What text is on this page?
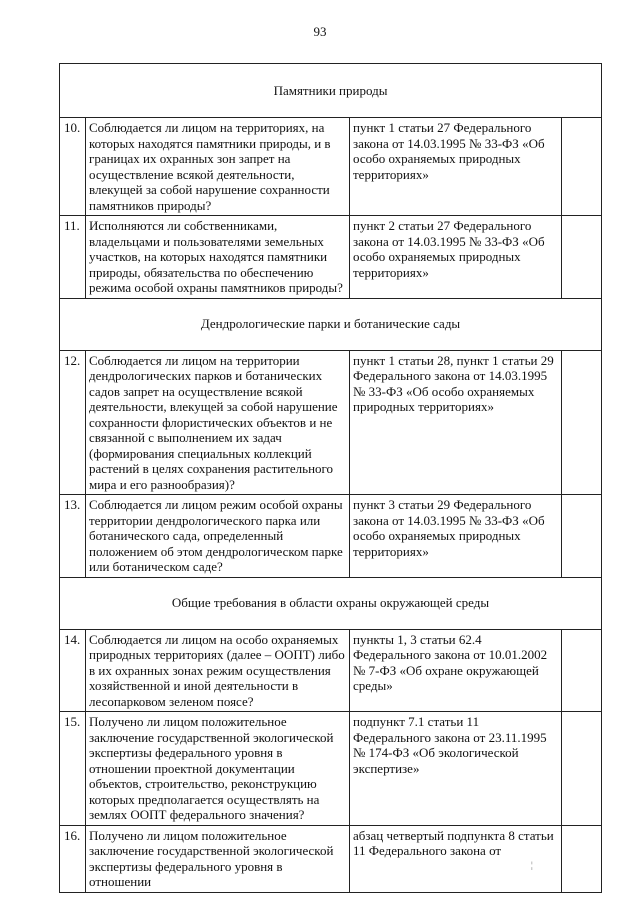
93
Памятники природы			
10.	Соблюдается ли лицом на территориях, на которых находятся памятники природы, и в границах их охранных зон запрет на осуществление всякой деятельности, влекущей за собой нарушение сохранности памятников природы?	пункт 1 статьи 27 Федерального закона от 14.03.1995 № 33-ФЗ «Об особо охраняемых природных территориях»	
11.	Исполняются ли собственниками, владельцами и пользователями земельных участков, на которых находятся памятники природы, обязательства по обеспечению режима особой охраны памятников природы?	пункт 2 статьи 27 Федерального закона от 14.03.1995 № 33-ФЗ «Об особо охраняемых природных территориях»	
Дендрологические парки и ботанические сады			
12.	Соблюдается ли лицом на территории дендрологических парков и ботанических садов запрет на осуществление всякой деятельности, влекущей за собой нарушение сохранности флористических объектов и не связанной с выполнением их задач (формирования специальных коллекций растений в целях сохранения растительного мира и его разнообразия)?	пункт 1 статьи 28, пункт 1 статьи 29 Федерального закона от 14.03.1995 № 33-ФЗ «Об особо охраняемых природных территориях»	
13.	Соблюдается ли лицом режим особой охраны территории дендрологического парка или ботанического сада, определенный положением об этом дендрологическом парке или ботаническом саде?	пункт 3 статьи 29 Федерального закона от 14.03.1995 № 33-ФЗ «Об особо охраняемых природных территориях»	
Общие требования в области охраны окружающей среды			
14.	Соблюдается ли лицом на особо охраняемых природных территориях (далее – ООПТ) либо в их охранных зонах режим осуществления хозяйственной и иной деятельности в лесопарковом зеленом поясе?	пункты 1, 3 статьи 62.4 Федерального закона от 10.01.2002 № 7-ФЗ «Об охране окружающей среды»	
15.	Получено ли лицом положительное заключение государственной экологической экспертизы федерального уровня в отношении проектной документации объектов, строительство, реконструкцию которых предполагается осуществлять на землях ООПТ федерального значения?	подпункт 7.1 статьи 11 Федерального закона от 23.11.1995 № 174-ФЗ «Об экологической экспертизе»	
16.	Получено ли лицом положительное заключение государственной экологической экспертизы федерального уровня в отношении	абзац четвертый подпункта 8 статьи 11 Федерального закона от	
¦
